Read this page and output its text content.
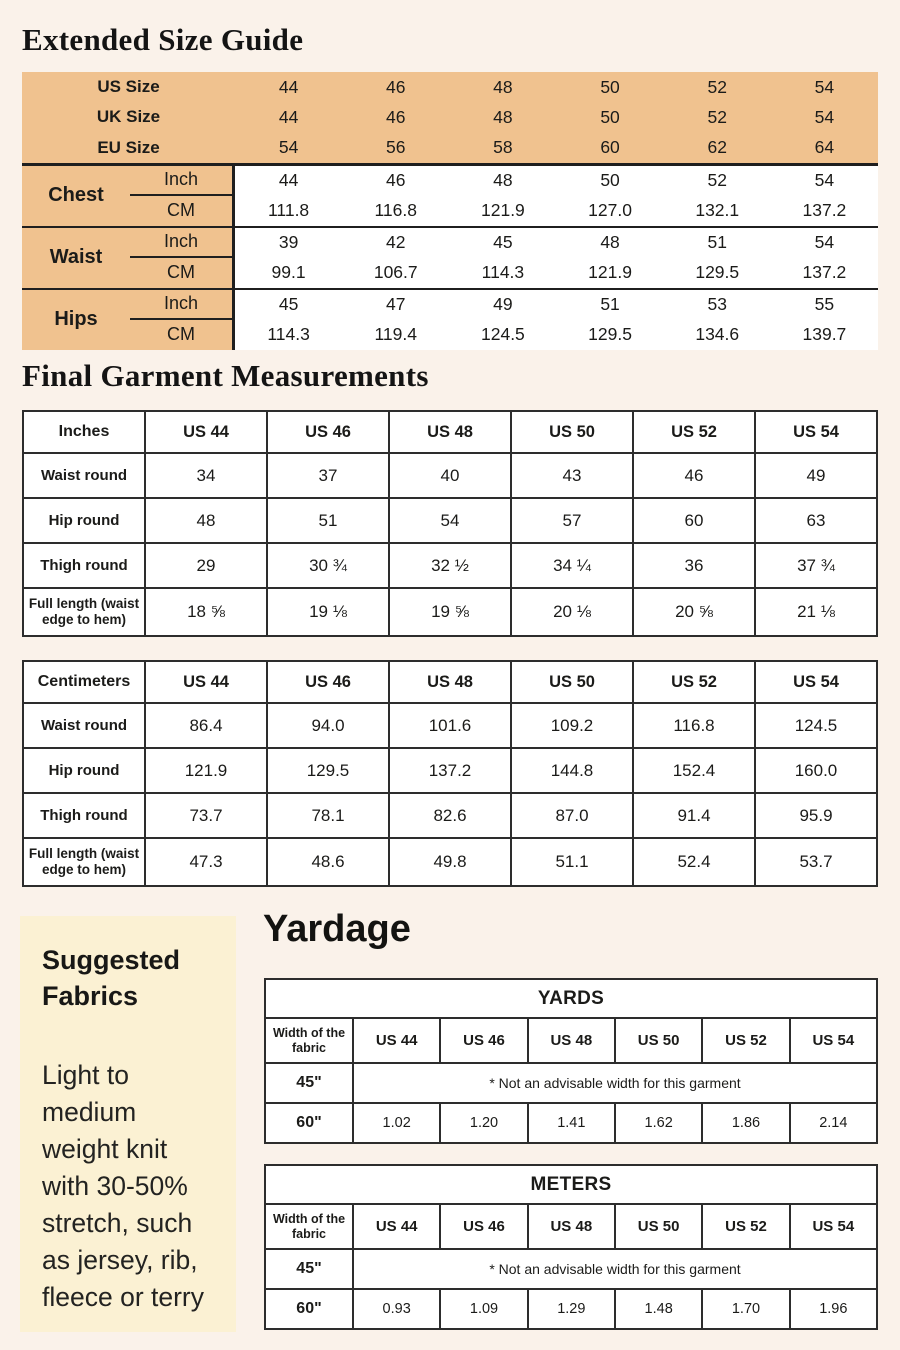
Extended Size Guide
US Size	44	46	48	50	52	54
UK Size	44	46	48	50	52	54
EU Size	54	56	58	60	62	64
Chest
Inch	44	46	48	50	52	54
CM	111.8	116.8	121.9	127.0	132.1	137.2
Waist
Inch	39	42	45	48	51	54
CM	99.1	106.7	114.3	121.9	129.5	137.2
Hips
Inch	45	47	49	51	53	55
CM	114.3	119.4	124.5	129.5	134.6	139.7
Final Garment Measurements
Inches	US 44	US 46	US 48	US 50	US 52	US 54
Waist round	34	37	40	43	46	49
Hip round	48	51	54	57	60	63
Thigh round	29	30 ¾	32 ½	34 ¼	36	37 ¾
Full length (waist edge to hem)	18 ⅝	19 ⅛	19 ⅝	20 ⅛	20 ⅝	21 ⅛
Centimeters	US 44	US 46	US 48	US 50	US 52	US 54
Waist round	86.4	94.0	101.6	109.2	116.8	124.5
Hip round	121.9	129.5	137.2	144.8	152.4	160.0
Thigh round	73.7	78.1	82.6	87.0	91.4	95.9
Full length (waist edge to hem)	47.3	48.6	49.8	51.1	52.4	53.7
Suggested Fabrics
Light to medium weight knit with 30-50% stretch, such as jersey, rib, fleece or terry
Yardage
YARDS						
Width of the fabric	US 44	US 46	US 48	US 50	US 52	US 54
45"	* Not an advisable width for this garment					
60"	1.02	1.20	1.41	1.62	1.86	2.14
METERS						
Width of the fabric	US 44	US 46	US 48	US 50	US 52	US 54
45"	* Not an advisable width for this garment					
60"	0.93	1.09	1.29	1.48	1.70	1.96
